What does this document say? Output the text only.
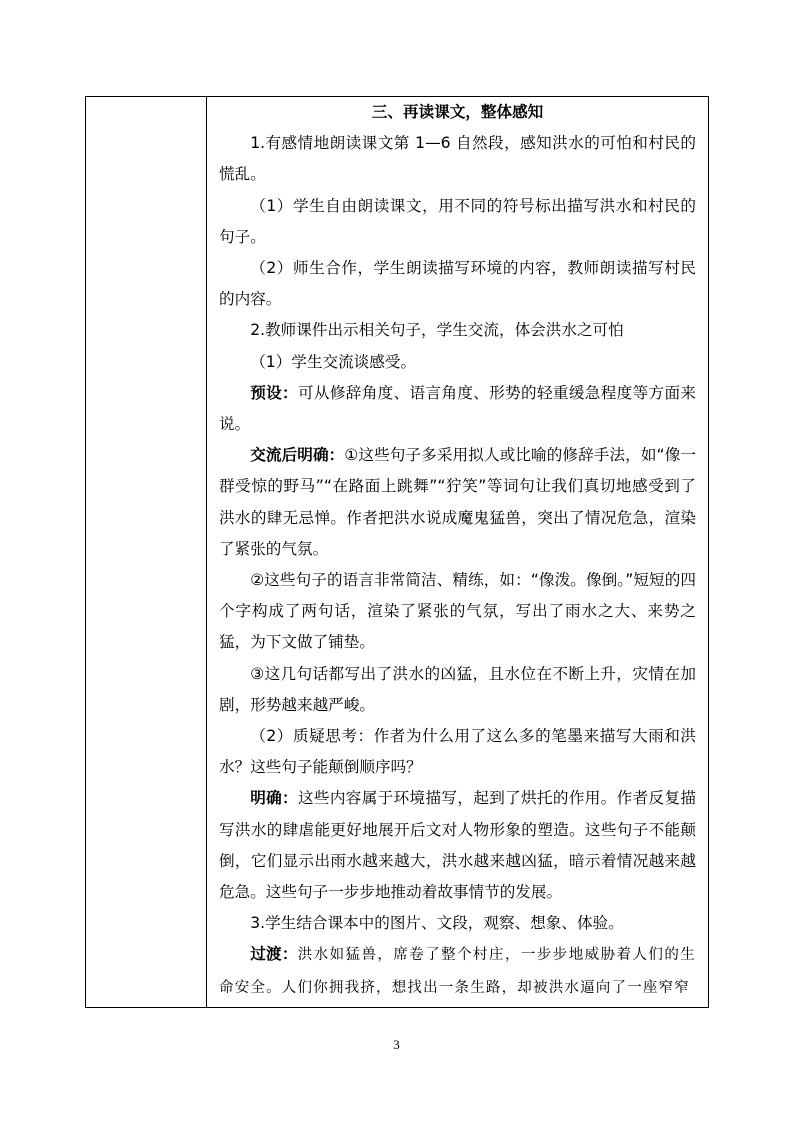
三、再读课文，整体感知

1.有感情地朗读课文第 1—6 自然段，感知洪水的可怕和村民的慌乱。

（1）学生自由朗读课文，用不同的符号标出描写洪水和村民的句子。

（2）师生合作，学生朗读描写环境的内容，教师朗读描写村民的内容。

2.教师课件出示相关句子，学生交流，体会洪水之可怕

（1）学生交流谈感受。

预设：可从修辞角度、语言角度、形势的轻重缓急程度等方面来说。

交流后明确：①这些句子多采用拟人或比喻的修辞手法，如“像一群受惊的野马”“在路面上跳舞”“狞笑”等词句让我们真切地感受到了洪水的肆无忌惮。作者把洪水说成魔鬼猛兽，突出了情况危急，渲染了紧张的气氛。

②这些句子的语言非常简洁、精练，如：“像泼。像倒。”短短的四个字构成了两句话，渲染了紧张的气氛，写出了雨水之大、来势之猛，为下文做了铺垫。

③这几句话都写出了洪水的凶猛，且水位在不断上升，灾情在加剧，形势越来越严峻。

（2）质疑思考：作者为什么用了这么多的笔墨来描写大雨和洪水？这些句子能颠倒顺序吗？

明确：这些内容属于环境描写，起到了烘托的作用。作者反复描写洪水的肆虐能更好地展开后文对人物形象的塑造。这些句子不能颠倒，它们显示出雨水越来越大，洪水越来越凶猛，暗示着情况越来越危急。这些句子一步步地推动着故事情节的发展。

3.学生结合课本中的图片、文段，观察、想象、体验。

过渡：洪水如猛兽，席卷了整个村庄，一步步地威胁着人们的生命安全。人们你拥我挤，想找出一条生路，却被洪水逼向了一座窄窄

3
